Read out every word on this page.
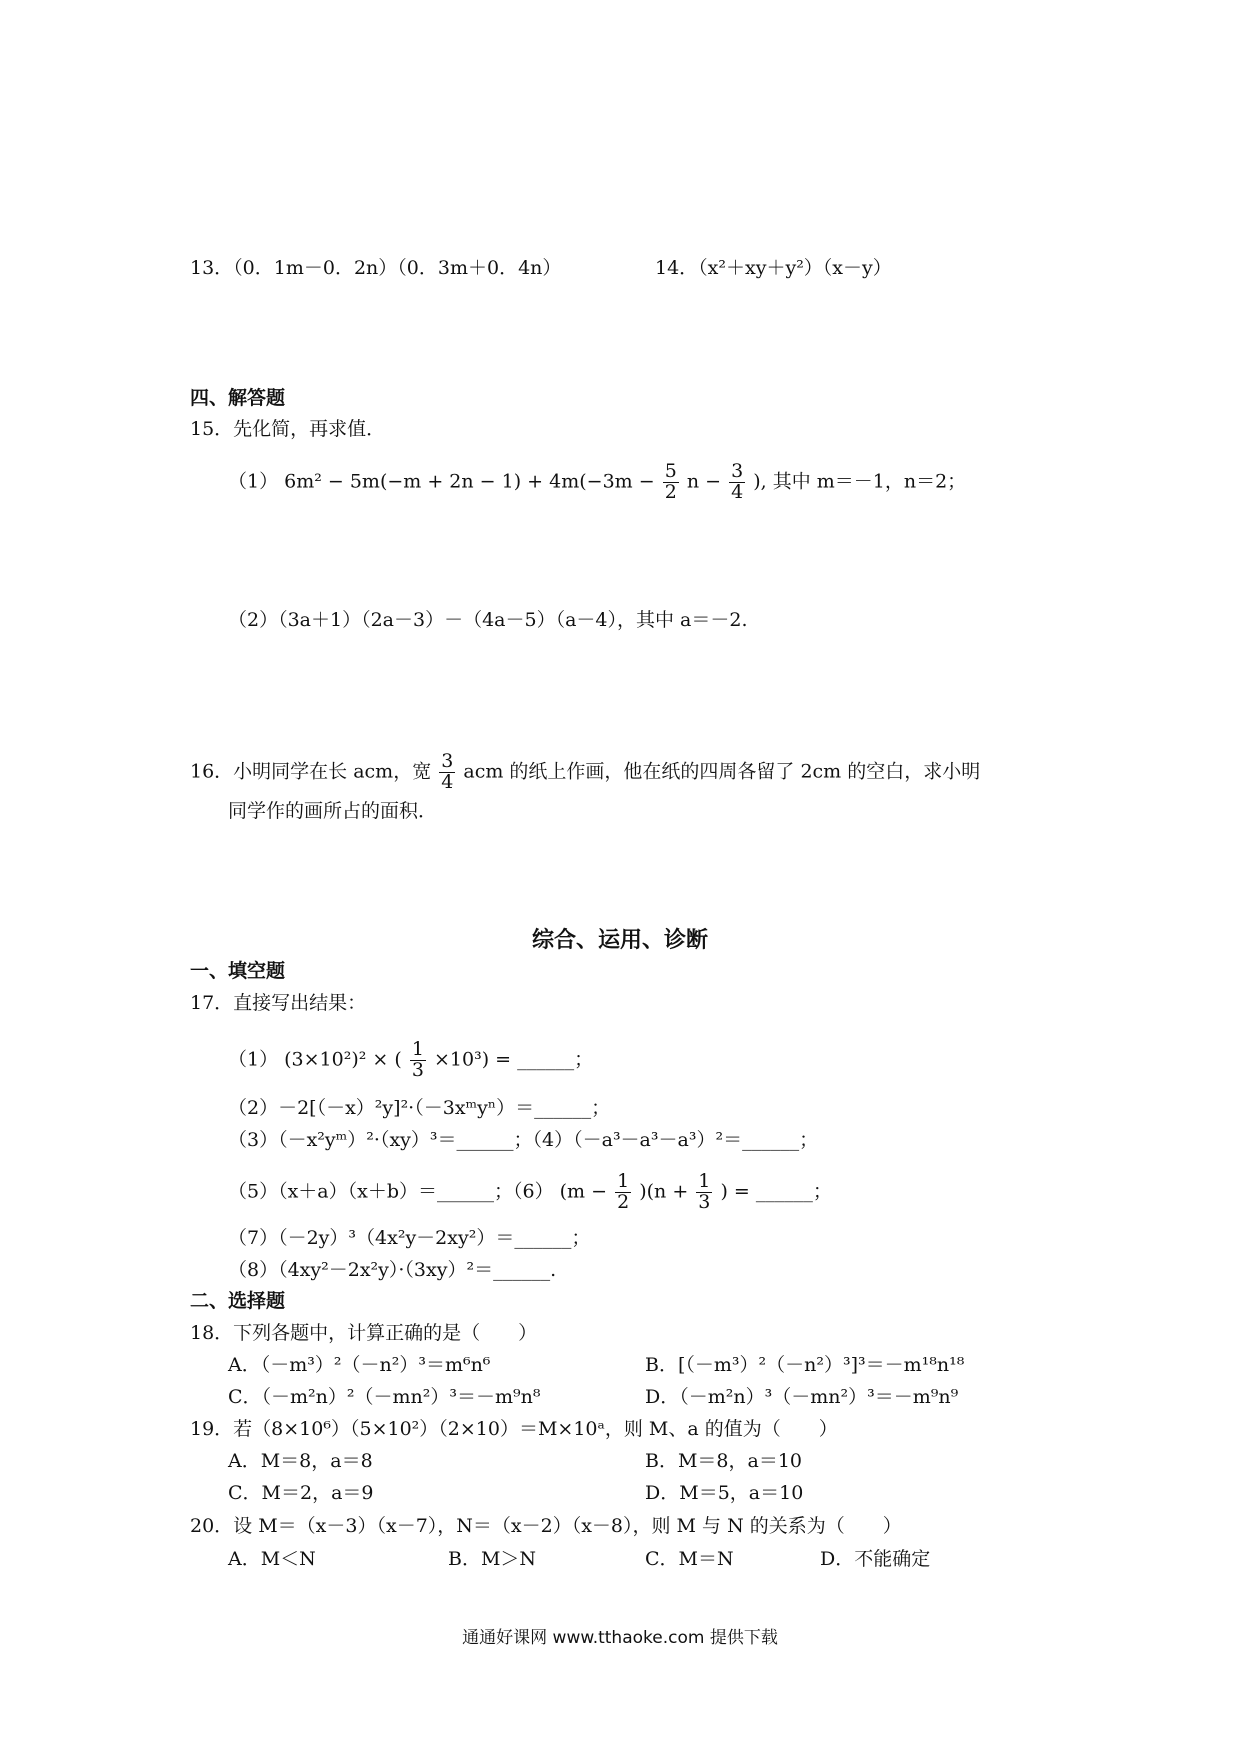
13．（0．1m－0．2n）（0．3m＋0．4n）	14．（x²＋xy＋y²）（x－y）
四、解答题
15．先化简，再求值．
（1） $6m^2 - 5m(-m + 2n - 1) + 4m(-3m - \frac{5}{2}$ $n - \frac{3}{4}$ ), 其中 m＝－1，n＝2；
（2）（3a＋1）（2a－3）－（4a－5）（a－4），其中 a＝－2.
16．小明同学在长 acm，宽 $\frac{3}{4}$ acm 的纸上作画，他在纸的四周各留了 2cm 的空白，求小明
同学作的画所占的面积．
综合、运用、诊断
一、填空题
17．直接写出结果：
（1） (3×10²)² × ( $\frac{1}{3} \times 10^3$) = ______；
（2）－2[（－x）²y]²·（－3xᵐyⁿ）＝______；
（3）（－x²yᵐ）²·（xy）³＝______；（4）（－a³－a³－a³）²＝______；
（5）（x＋a）（x＋b）＝______；（6） $(m - \frac{1}{2} )(n + \frac{1}{3}$ ) = ______；
（7）（－2y）³（4x²y－2xy²）＝______；
（8）（4xy²－2x²y）·（3xy）²＝______.
二、选择题
18．下列各题中，计算正确的是（　　）
A．（－m³）²（－n²）³＝m⁶n⁶	B．[（－m³）²（－n²）³]³＝－m¹⁸n¹⁸
C．（－m²n）²（－mn²）³＝－m⁹n⁸	D．（－m²n）³（－mn²）³＝－m⁹n⁹
19．若（8×10⁶）（5×10²）（2×10）＝M×10ᵃ，则 M、a 的值为（　　）
A．M＝8，a＝8	B．M＝8，a＝10
C．M＝2，a＝9	D．M＝5，a＝10
20．设 M＝（x－3）（x－7），N＝（x－2）（x－8），则 M 与 N 的关系为（　　）
A．M＜N	B．M＞N	C．M＝N	D．不能确定
通通好课网 www.tthaoke.com 提供下载
